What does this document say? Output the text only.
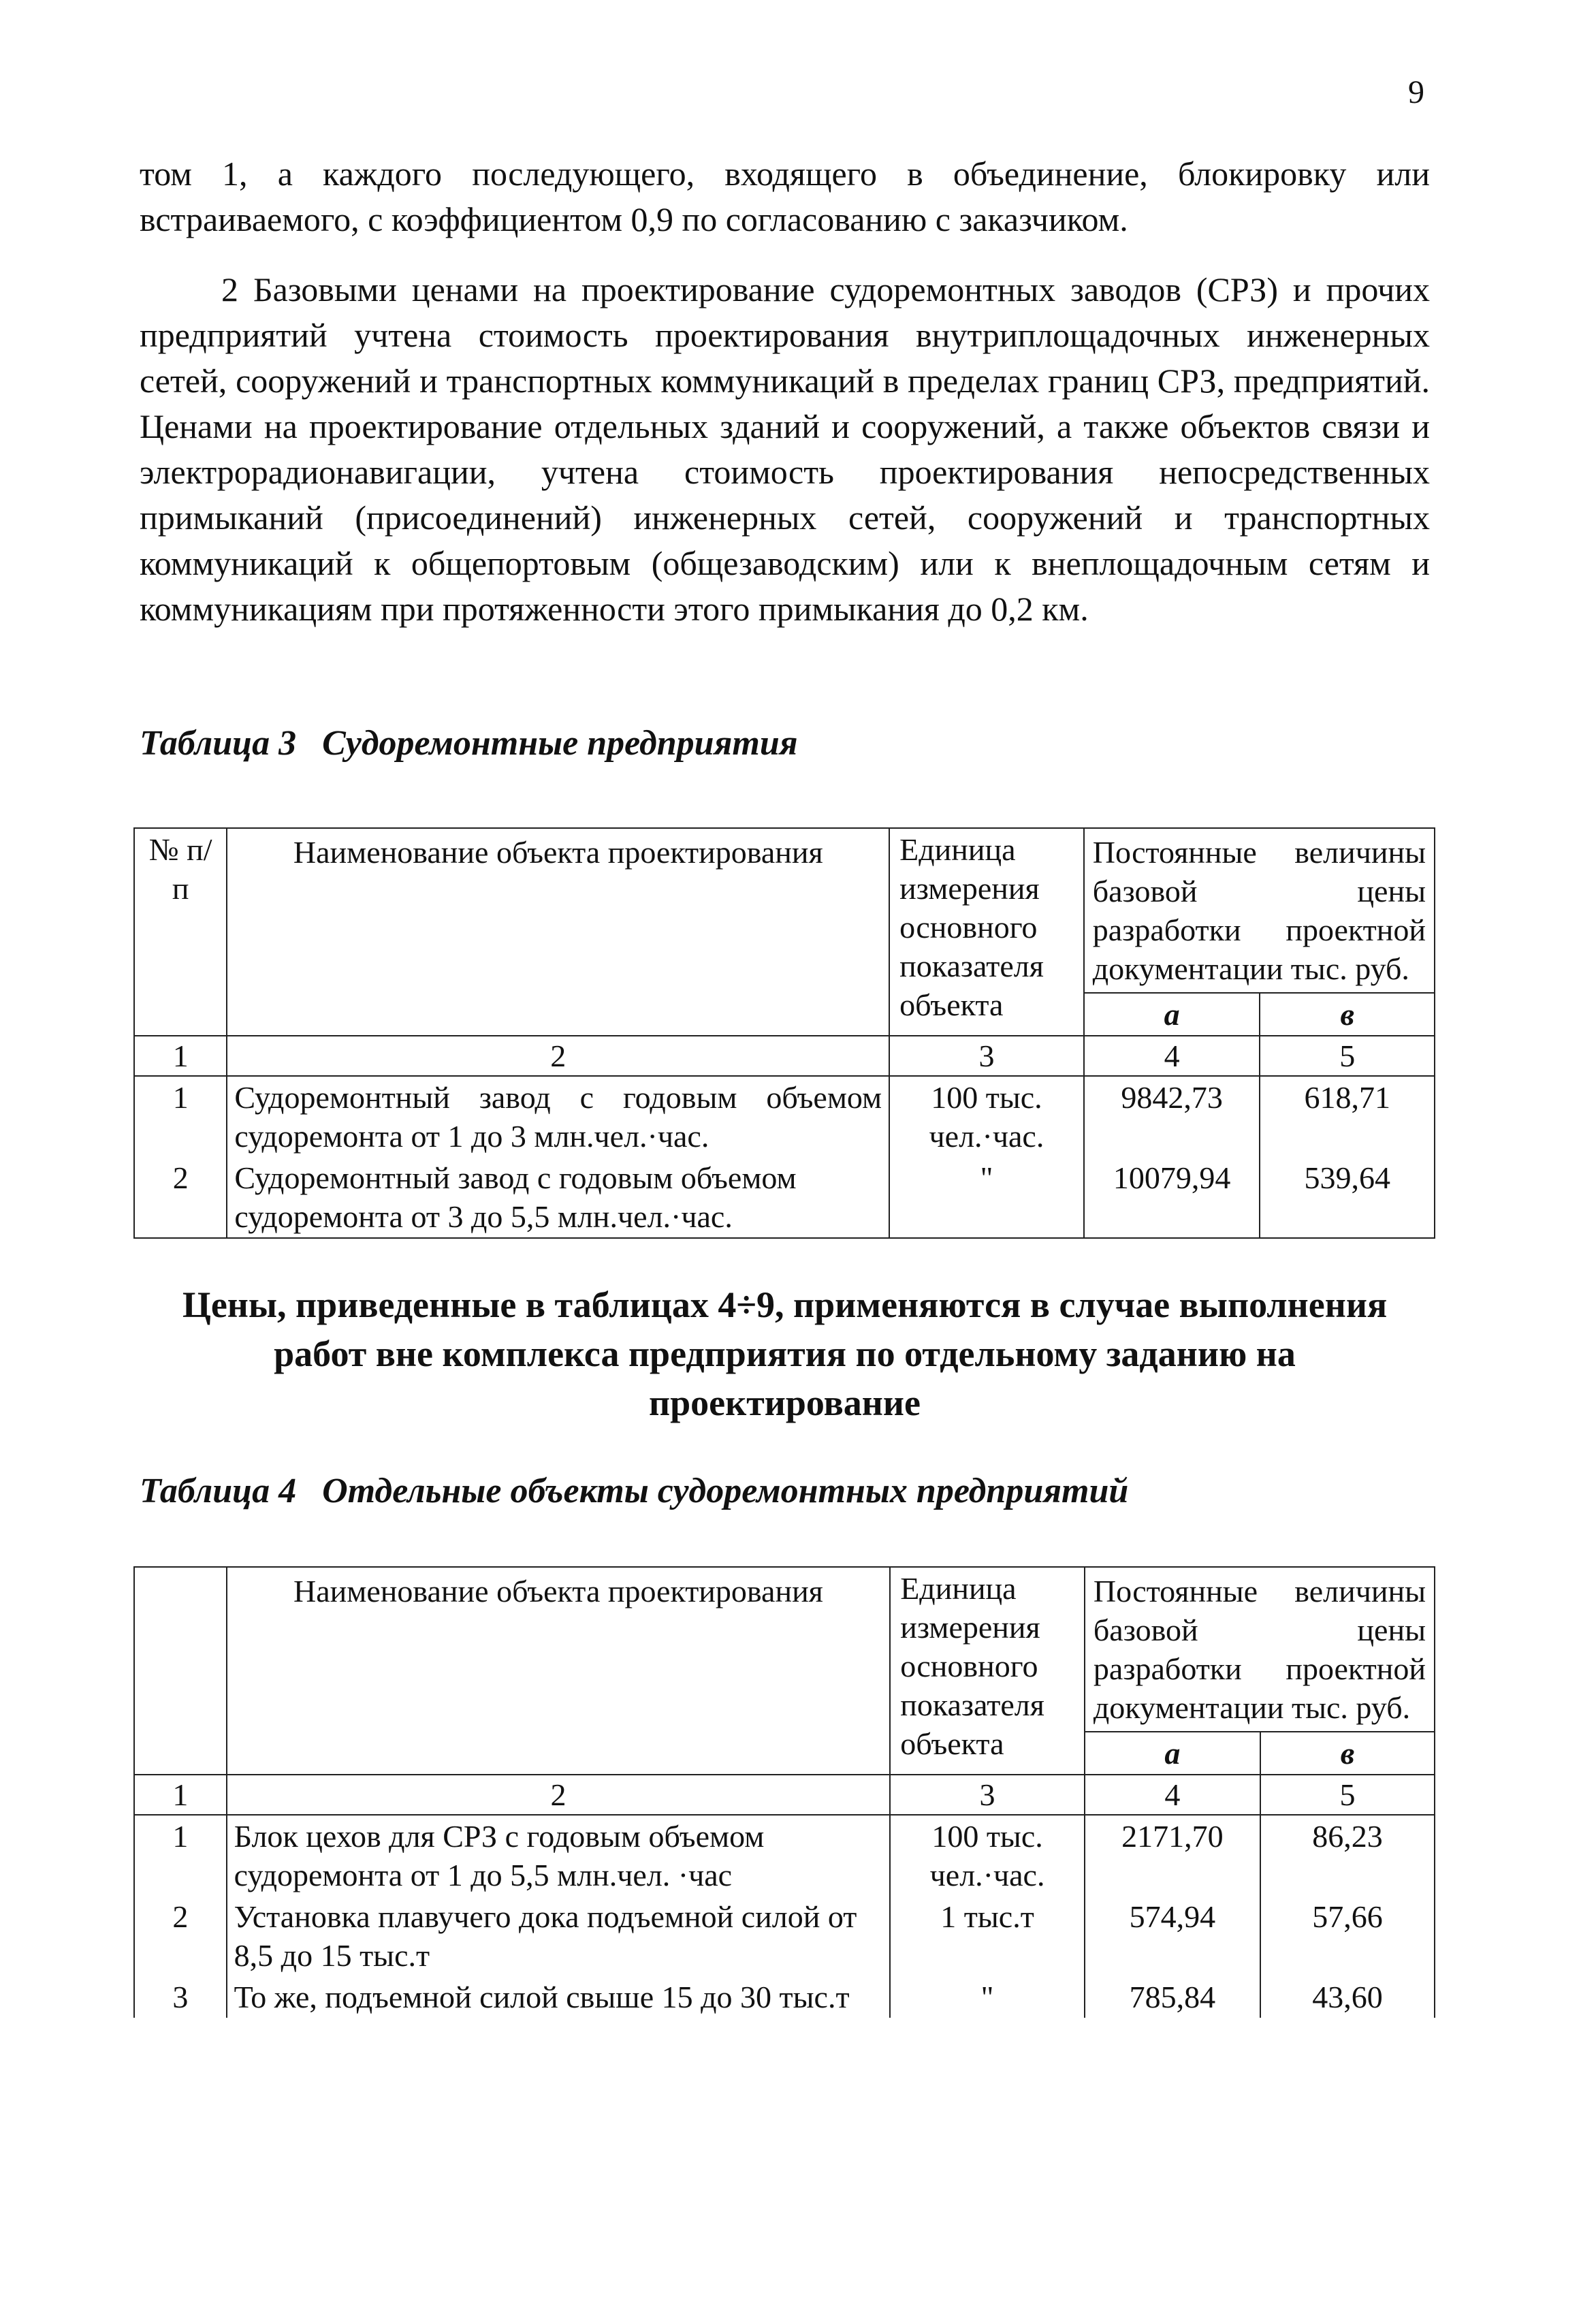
9
том 1, а каждого последующего, входящего в объединение, блокировку или встраиваемого, с коэффициентом 0,9 по согласованию с заказчиком.
2 Базовыми ценами на проектирование судоремонтных заводов (СРЗ) и прочих предприятий учтена стоимость проектирования внутриплощадочных инженерных сетей, сооружений и транспортных коммуникаций в пределах границ СРЗ, предприятий. Ценами на проектирование отдельных зданий и сооружений, а также объектов связи и электрорадионавигации, учтена стоимость проектирования непосредственных примыканий (присоединений) инженерных сетей, сооружений и транспортных коммуникаций к общепортовым (общезаводским) или к внеплощадочным сетям и коммуникациям при протяженности этого примыкания до 0,2 км.
Таблица 3 Судоремонтные предприятия
№ п/п	Наименование объекта проектирования	Единица измерения основного показателя объекта	Постоянные величины базовой цены разработки проектной документации тыс. руб.	
			а	в
1	2	3	4	5
1	Судоремонтный завод с годовым объемом судоремонта от 1 до 3 млн.чел.·час.	100 тыс. чел.·час.	9842,73	618,71
2	Судоремонтный завод с годовым объемом судоремонта от 3 до 5,5 млн.чел.·час.	"	10079,94	539,64
Цены, приведенные в таблицах 4÷9, применяются в случае выполнения работ вне комплекса предприятия по отдельному заданию на проектирование
Таблица 4 Отдельные объекты судоремонтных предприятий
	Наименование объекта проектирования	Единица измерения основного показателя объекта	Постоянные величины базовой цены разработки проектной документации тыс. руб.	
			а	в
1	2	3	4	5
1	Блок цехов для СРЗ с годовым объемом судоремонта от 1 до 5,5 млн.чел. ·час	100 тыс. чел.·час.	2171,70	86,23
2	Установка плавучего дока подъемной силой от 8,5 до 15 тыс.т	1 тыс.т	574,94	57,66
3	То же, подъемной силой свыше 15 до 30 тыс.т	"	785,84	43,60
